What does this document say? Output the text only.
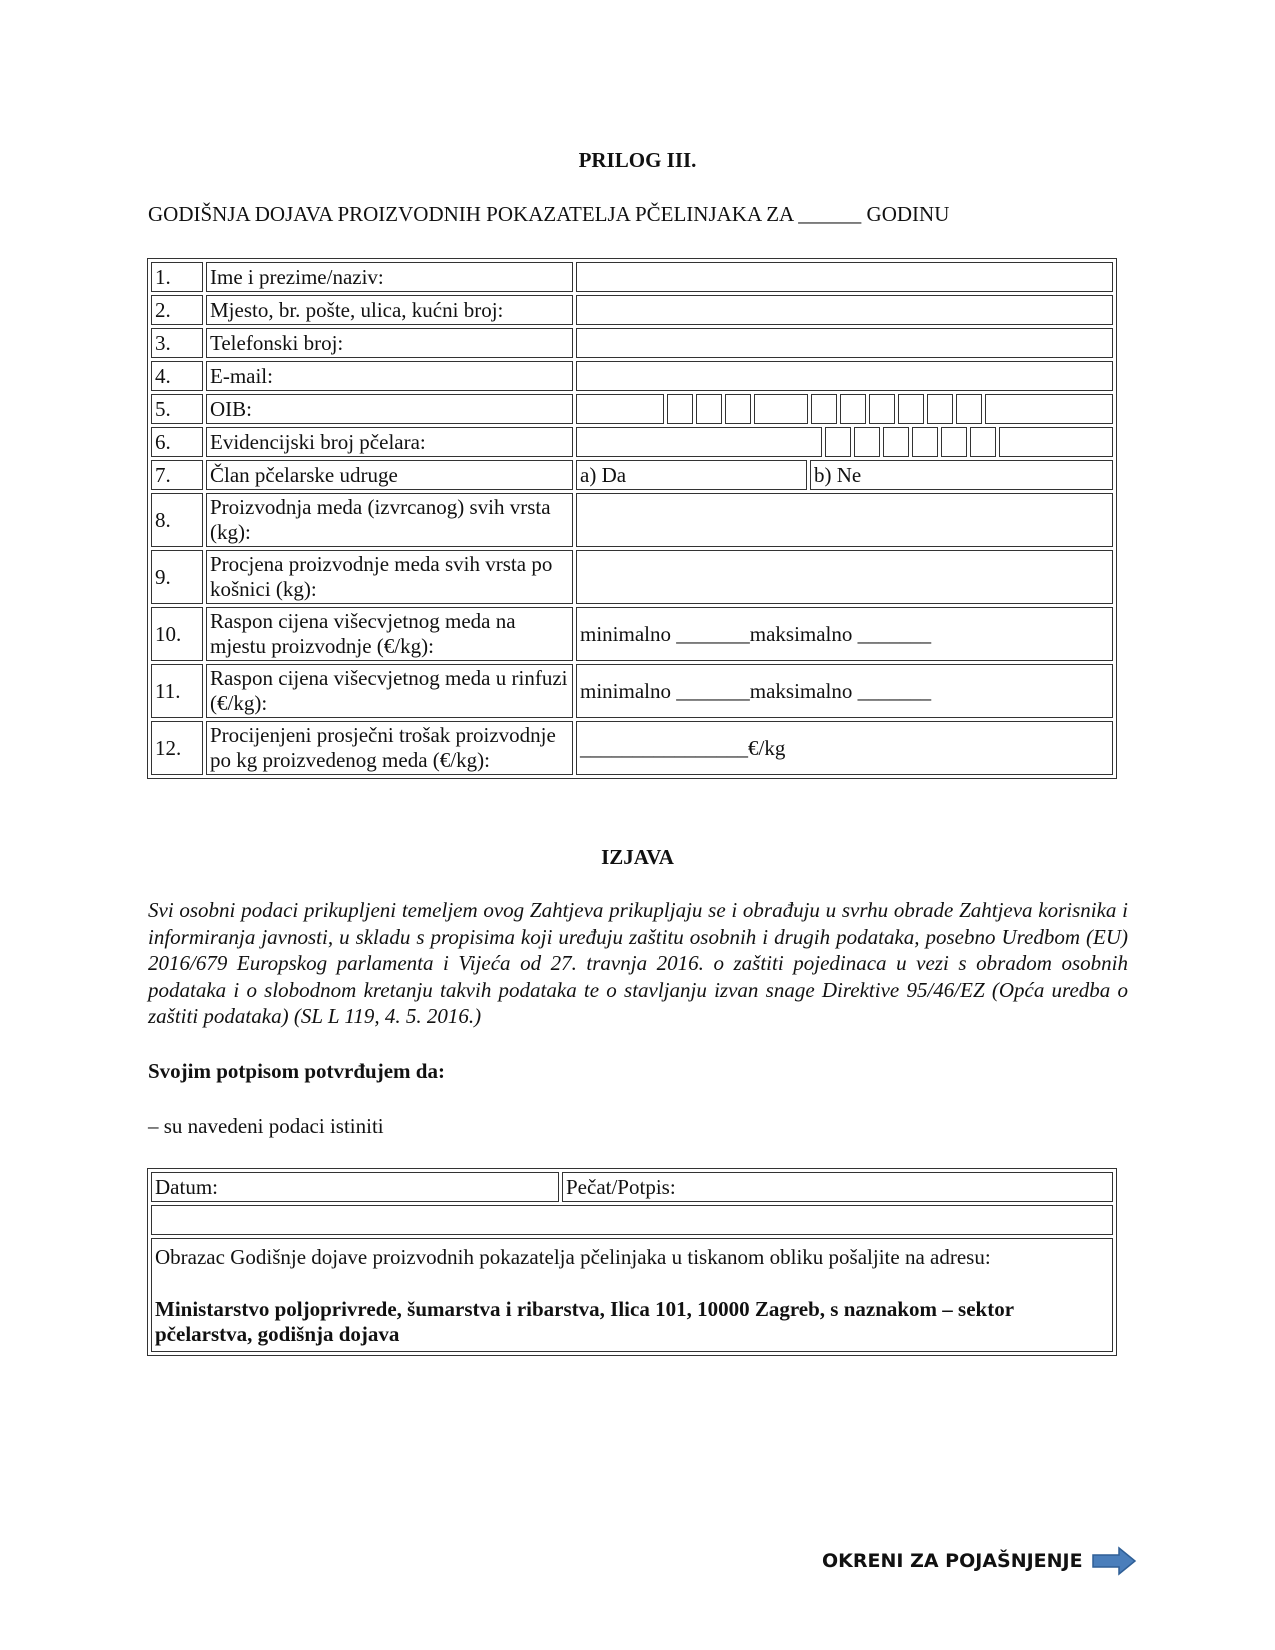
PRILOG III.
GODIŠNJA DOJAVA PROIZVODNIH POKAZATELJA PČELINJAKA ZA ______ GODINU
1.	Ime i prezime/naziv:		
2.	Mjesto, br. pošte, ulica, kućni broj:		
3.	Telefonski broj:		
4.	E-mail:		
5.	OIB:		

6.	Evidencijski broj pčelara:		

7.	Član pčelarske udruge	a) Da	b) Ne
8.	Proizvodnja meda (izvrcanog) svih vrsta (kg):		
9.	Procjena proizvodnje meda svih vrsta po košnici (kg):		
10.	Raspon cijena višecvjetnog meda na mjestu proizvodnje (€/kg):	minimalno _______maksimalno _______	
11.	Raspon cijena višecvjetnog meda u rinfuzi (€/kg):	minimalno _______maksimalno _______	
12.	Procijenjeni prosječni trošak proizvodnje po kg proizvedenog meda (€/kg):	________________€/kg	
IZJAVA
Svi osobni podaci prikupljeni temeljem ovog Zahtjeva prikupljaju se i obrađuju u svrhu obrade Zahtjeva korisnika i informiranja javnosti, u skladu s propisima koji uređuju zaštitu osobnih i drugih podataka, posebno Uredbom (EU) 2016/679 Europskog parlamenta i Vijeća od 27. travnja 2016. o zaštiti pojedinaca u vezi s obradom osobnih podataka i o slobodnom kretanju takvih podataka te o stavljanju izvan snage Direktive 95/46/EZ (Opća uredba o zaštiti podataka) (SL L 119, 4. 5. 2016.)
Svojim potpisom potvrđujem da:
– su navedeni podaci istiniti
Datum:	Pečat/Potpis:

Obrazac Godišnje dojave proizvodnih pokazatelja pčelinjaka u tiskanom obliku pošaljite na adresu:
Ministarstvo poljoprivrede, šumarstva i ribarstva, Ilica 101, 10000 Zagreb, s naznakom – sektor pčelarstva, godišnja dojava
OKRENI ZA POJAŠNJENJE
